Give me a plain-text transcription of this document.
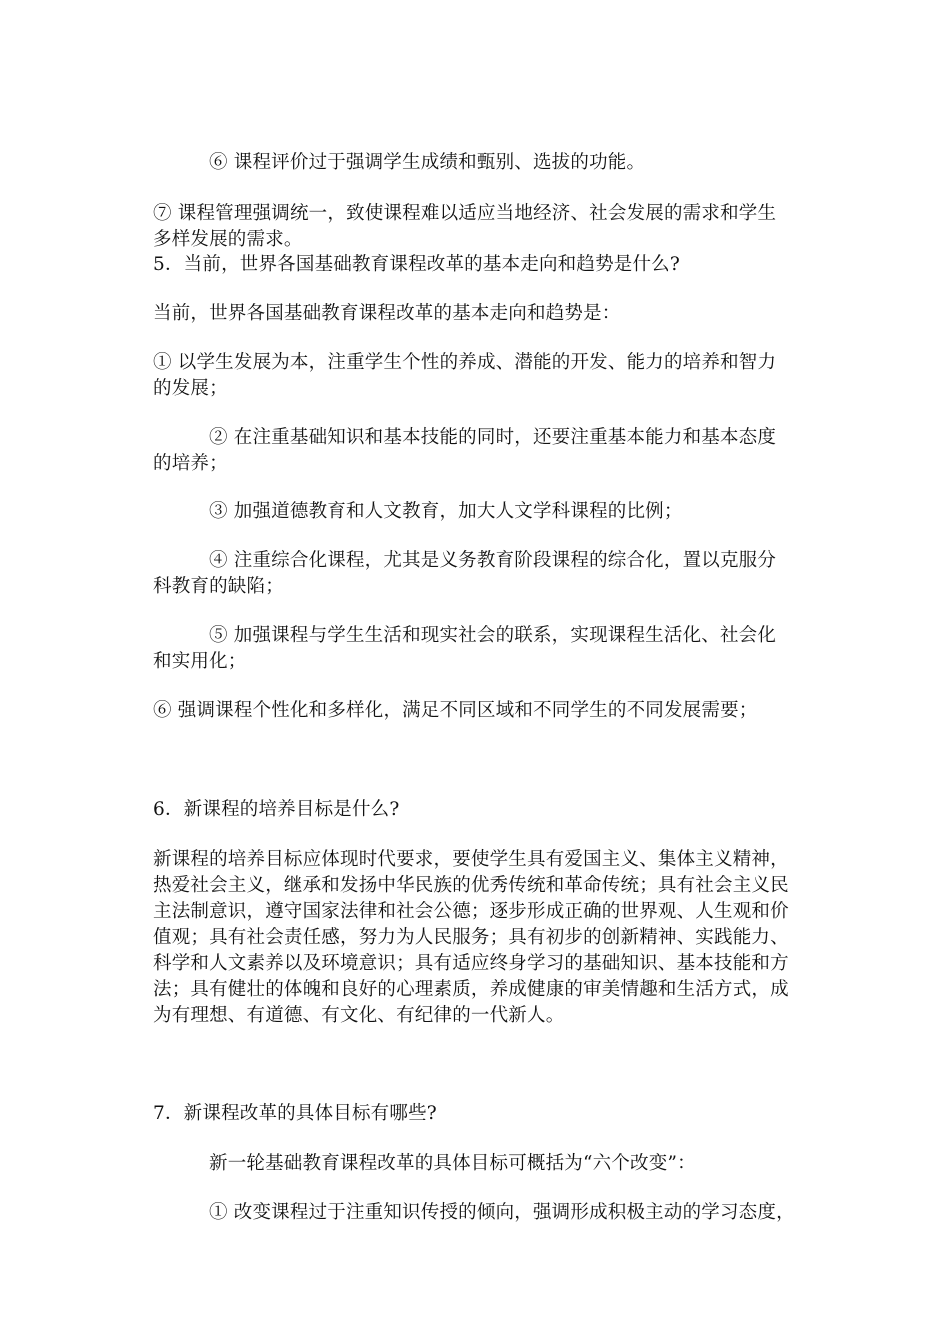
⑥ 课程评价过于强调学生成绩和甄别、选拔的功能。
⑦ 课程管理强调统一，致使课程难以适应当地经济、社会发展的需求和学生
多样发展的需求。
5．当前，世界各国基础教育课程改革的基本走向和趋势是什么?
当前，世界各国基础教育课程改革的基本走向和趋势是：
① 以学生发展为本，注重学生个性的养成、潜能的开发、能力的培养和智力
的发展；
② 在注重基础知识和基本技能的同时，还要注重基本能力和基本态度
的培养；
③ 加强道德教育和人文教育，加大人文学科课程的比例；
④ 注重综合化课程，尤其是义务教育阶段课程的综合化，置以克服分
科教育的缺陷；
⑤ 加强课程与学生生活和现实社会的联系，实现课程生活化、社会化
和实用化；
⑥ 强调课程个性化和多样化，满足不同区域和不同学生的不同发展需要；
6．新课程的培养目标是什么?
新课程的培养目标应体现时代要求，要使学生具有爱国主义、集体主义精神，
热爱社会主义，继承和发扬中华民族的优秀传统和革命传统；具有社会主义民
主法制意识，遵守国家法律和社会公德；逐步形成正确的世界观、人生观和价
值观；具有社会责任感，努力为人民服务；具有初步的创新精神、实践能力、
科学和人文素养以及环境意识；具有适应终身学习的基础知识、基本技能和方
法；具有健壮的体魄和良好的心理素质，养成健康的审美情趣和生活方式，成
为有理想、有道德、有文化、有纪律的一代新人。
7．新课程改革的具体目标有哪些?
新一轮基础教育课程改革的具体目标可概括为“六个改变”：
① 改变课程过于注重知识传授的倾向，强调形成积极主动的学习态度，
